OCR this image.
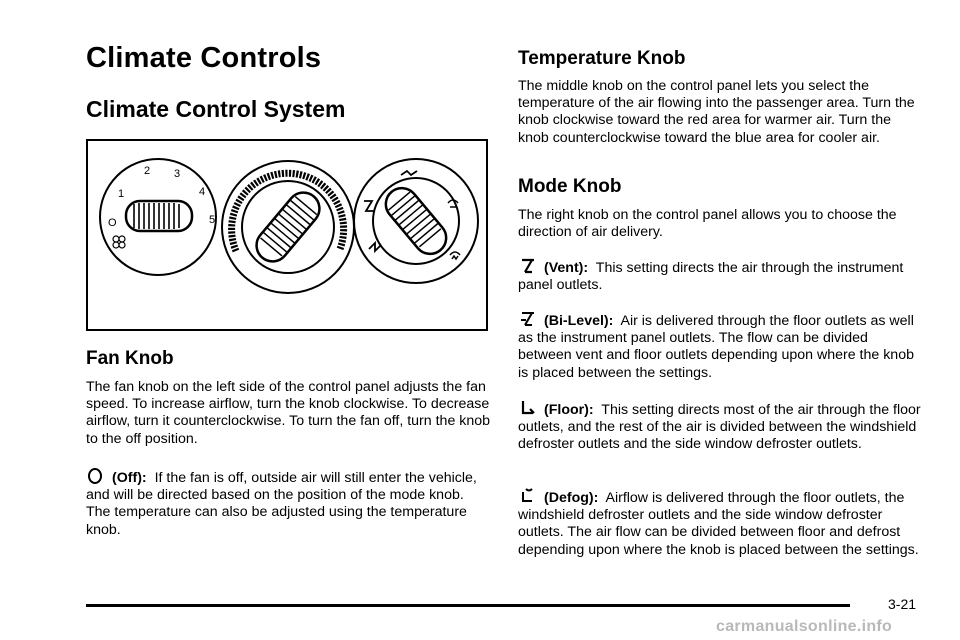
Climate Controls
Climate Control System
1
2 3
4
5
O
Fan Knob

The fan knob on the left side of the control panel adjusts the fan speed. To increase airflow, turn the knob clockwise. To decrease airflow, turn it counterclockwise. To turn the fan off, turn the knob to the off position.

(Off): If the fan is off, outside air will still enter the vehicle, and will be directed based on the position of the mode knob. The temperature can also be adjusted using the temperature knob.

Temperature Knob

The middle knob on the control panel lets you select the temperature of the air flowing into the passenger area. Turn the knob clockwise toward the red area for warmer air. Turn the knob counterclockwise toward the blue area for cooler air.

Mode Knob

The right knob on the control panel allows you to choose the direction of air delivery.

(Vent): This setting directs the air through the instrument panel outlets.

(Bi-Level): Air is delivered through the floor outlets as well as the instrument panel outlets. The flow can be divided between vent and floor outlets depending upon where the knob is placed between the settings.

(Floor): This setting directs most of the air through the floor outlets, and the rest of the air is divided between the windshield defroster outlets and the side window defroster outlets.

(Defog): Airflow is delivered through the floor outlets, the windshield defroster outlets and the side window defroster outlets. The air flow can be divided between floor and defrost depending upon where the knob is placed between the settings.

3-21
carmanualsonline.info
